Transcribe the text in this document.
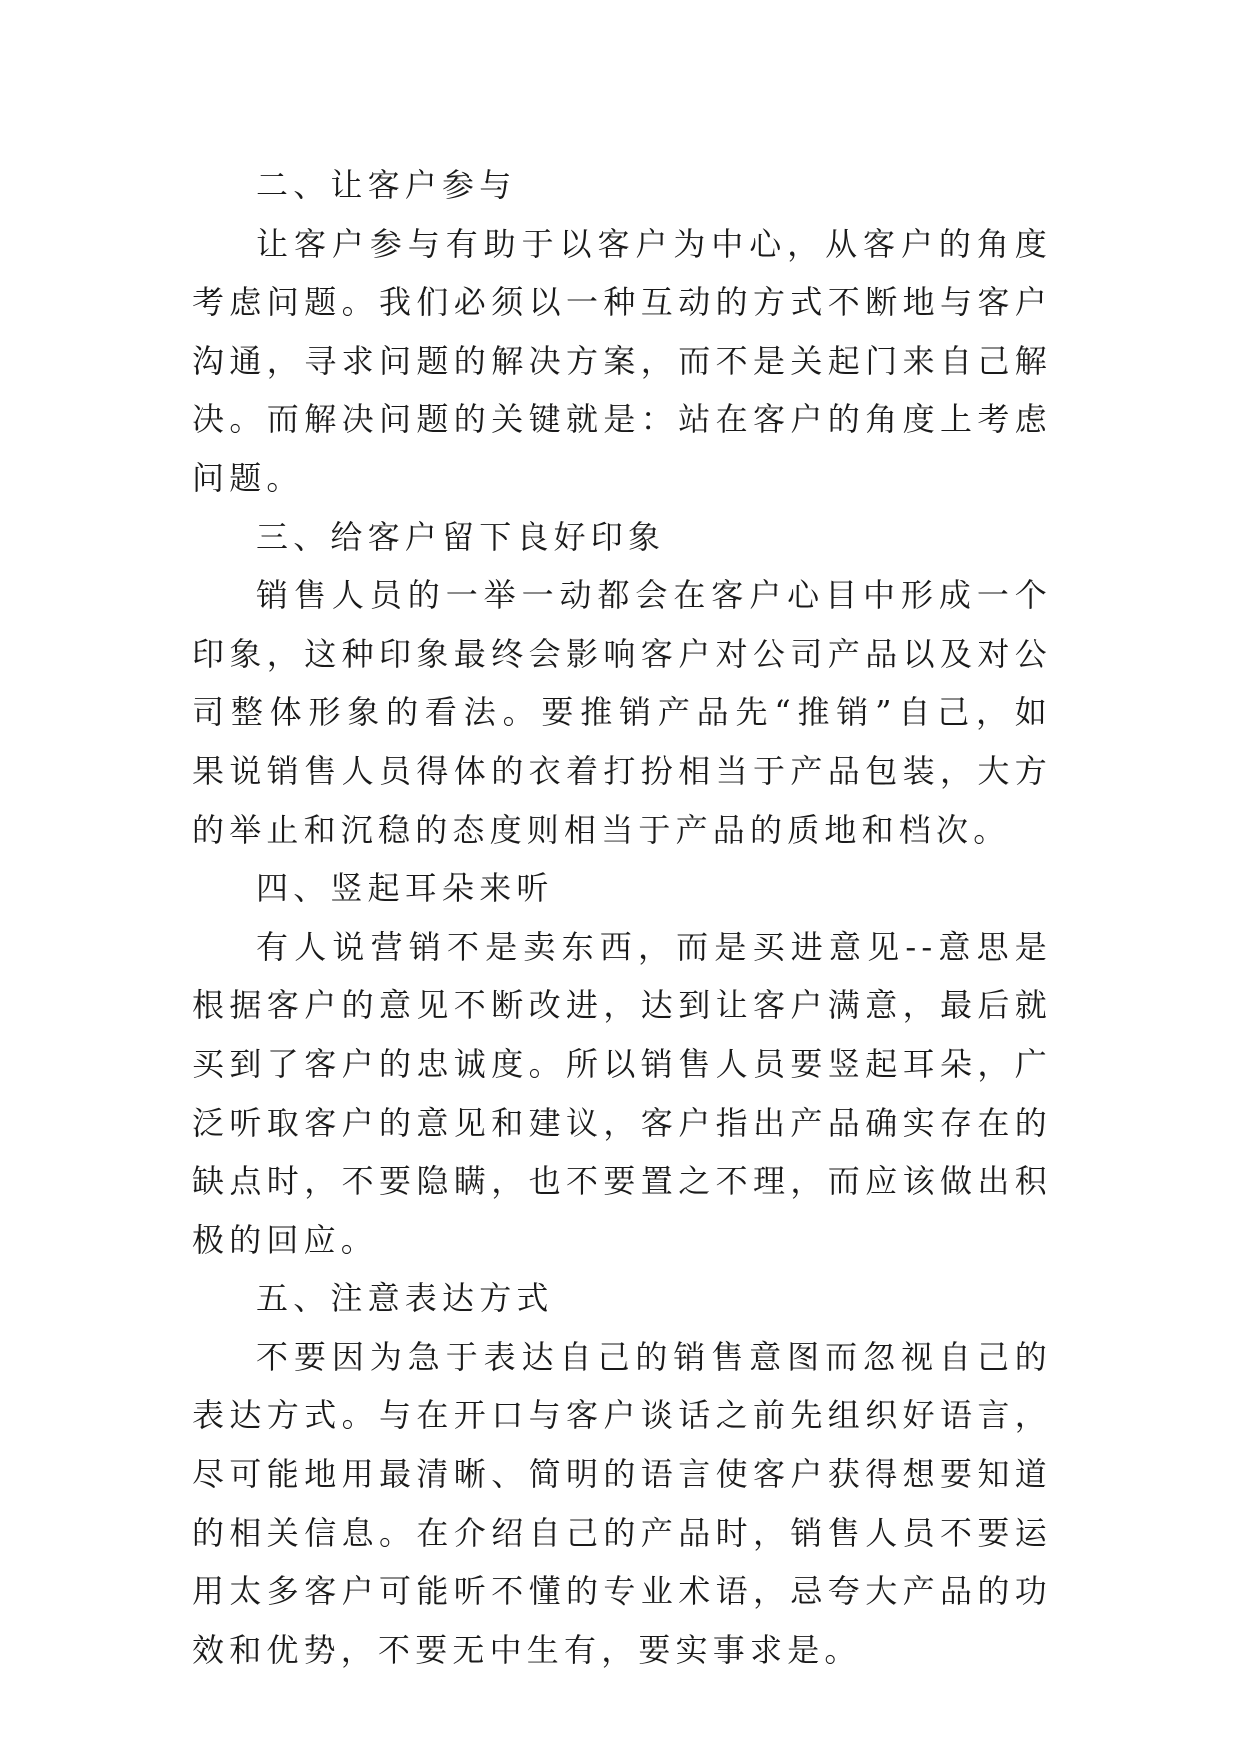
二、让客户参与

让客户参与有助于以客户为中心，从客户的角度考虑问题。我们必须以一种互动的方式不断地与客户沟通，寻求问题的解决方案，而不是关起门来自己解决。而解决问题的关键就是：站在客户的角度上考虑问题。

三、给客户留下良好印象

销售人员的一举一动都会在客户心目中形成一个印象，这种印象最终会影响客户对公司产品以及对公司整体形象的看法。要推销产品先“推销”自己，如果说销售人员得体的衣着打扮相当于产品包装，大方的举止和沉稳的态度则相当于产品的质地和档次。

四、竖起耳朵来听

有人说营销不是卖东西，而是买进意见--意思是根据客户的意见不断改进，达到让客户满意，最后就买到了客户的忠诚度。所以销售人员要竖起耳朵，广泛听取客户的意见和建议，客户指出产品确实存在的缺点时，不要隐瞒，也不要置之不理，而应该做出积极的回应。

五、注意表达方式

不要因为急于表达自己的销售意图而忽视自己的表达方式。与在开口与客户谈话之前先组织好语言，尽可能地用最清晰、简明的语言使客户获得想要知道的相关信息。在介绍自己的产品时，销售人员不要运用太多客户可能听不懂的专业术语，忌夸大产品的功效和优势，不要无中生有，要实事求是。
